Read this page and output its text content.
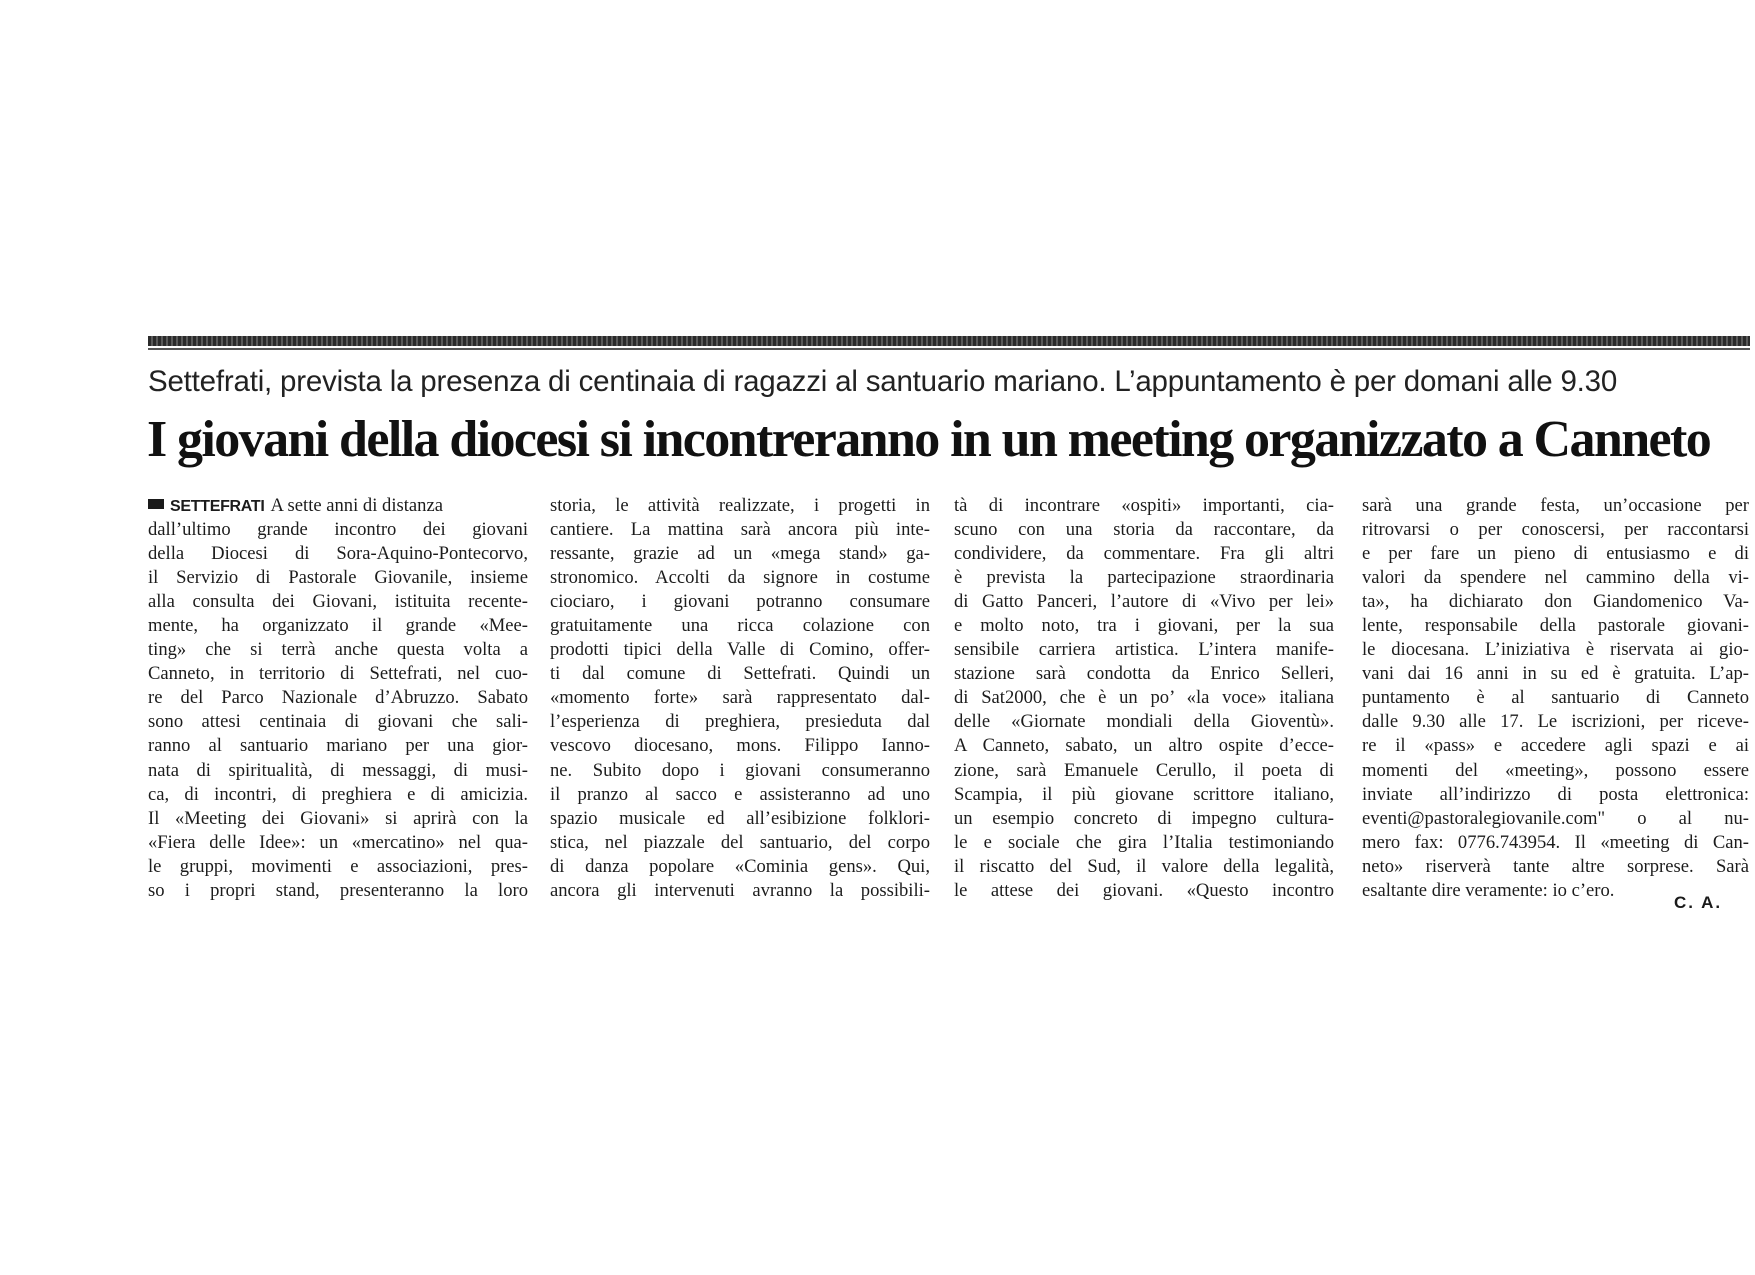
Settefrati, prevista la presenza di centinaia di ragazzi al santuario mariano. L’appuntamento è per domani alle 9.30
I giovani della diocesi si incontreranno in un meeting organizzato a Canneto
SETTEFRATI A sette anni di distanza
dall’ultimo grande incontro dei giovani
della Diocesi di Sora-Aquino-Pontecorvo,
il Servizio di Pastorale Giovanile, insieme
alla consulta dei Giovani, istituita recente-
mente, ha organizzato il grande «Mee-
ting» che si terrà anche questa volta a
Canneto, in territorio di Settefrati, nel cuo-
re del Parco Nazionale d’Abruzzo. Sabato
sono attesi centinaia di giovani che sali-
ranno al santuario mariano per una gior-
nata di spiritualità, di messaggi, di musi-
ca, di incontri, di preghiera e di amicizia.
Il «Meeting dei Giovani» si aprirà con la
«Fiera delle Idee»: un «mercatino» nel qua-
le gruppi, movimenti e associazioni, pres-
so i propri stand, presenteranno la loro
storia, le attività realizzate, i progetti in
cantiere. La mattina sarà ancora più inte-
ressante, grazie ad un «mega stand» ga-
stronomico. Accolti da signore in costume
ciociaro, i giovani potranno consumare
gratuitamente una ricca colazione con
prodotti tipici della Valle di Comino, offer-
ti dal comune di Settefrati. Quindi un
«momento forte» sarà rappresentato dal-
l’esperienza di preghiera, presieduta dal
vescovo diocesano, mons. Filippo Ianno-
ne. Subito dopo i giovani consumeranno
il pranzo al sacco e assisteranno ad uno
spazio musicale ed all’esibizione folklori-
stica, nel piazzale del santuario, del corpo
di danza popolare «Cominia gens». Qui,
ancora gli intervenuti avranno la possibili-
tà di incontrare «ospiti» importanti, cia-
scuno con una storia da raccontare, da
condividere, da commentare. Fra gli altri
è prevista la partecipazione straordinaria
di Gatto Panceri, l’autore di «Vivo per lei»
e molto noto, tra i giovani, per la sua
sensibile carriera artistica. L’intera manife-
stazione sarà condotta da Enrico Selleri,
di Sat2000, che è un po’ «la voce» italiana
delle «Giornate mondiali della Gioventù».
A Canneto, sabato, un altro ospite d’ecce-
zione, sarà Emanuele Cerullo, il poeta di
Scampia, il più giovane scrittore italiano,
un esempio concreto di impegno cultura-
le e sociale che gira l’Italia testimoniando
il riscatto del Sud, il valore della legalità,
le attese dei giovani. «Questo incontro
sarà una grande festa, un’occasione per
ritrovarsi o per conoscersi, per raccontarsi
e per fare un pieno di entusiasmo e di
valori da spendere nel cammino della vi-
ta», ha dichiarato don Giandomenico Va-
lente, responsabile della pastorale giovani-
le diocesana. L’iniziativa è riservata ai gio-
vani dai 16 anni in su ed è gratuita. L’ap-
puntamento è al santuario di Canneto
dalle 9.30 alle 17. Le iscrizioni, per riceve-
re il «pass» e accedere agli spazi e ai
momenti del «meeting», possono essere
inviate all’indirizzo di posta elettronica:
eventi@pastoralegiovanile.com" o al nu-
mero fax: 0776.743954. Il «meeting di Can-
neto» riserverà tante altre sorprese. Sarà
esaltante dire veramente: io c’ero.
C. A.
